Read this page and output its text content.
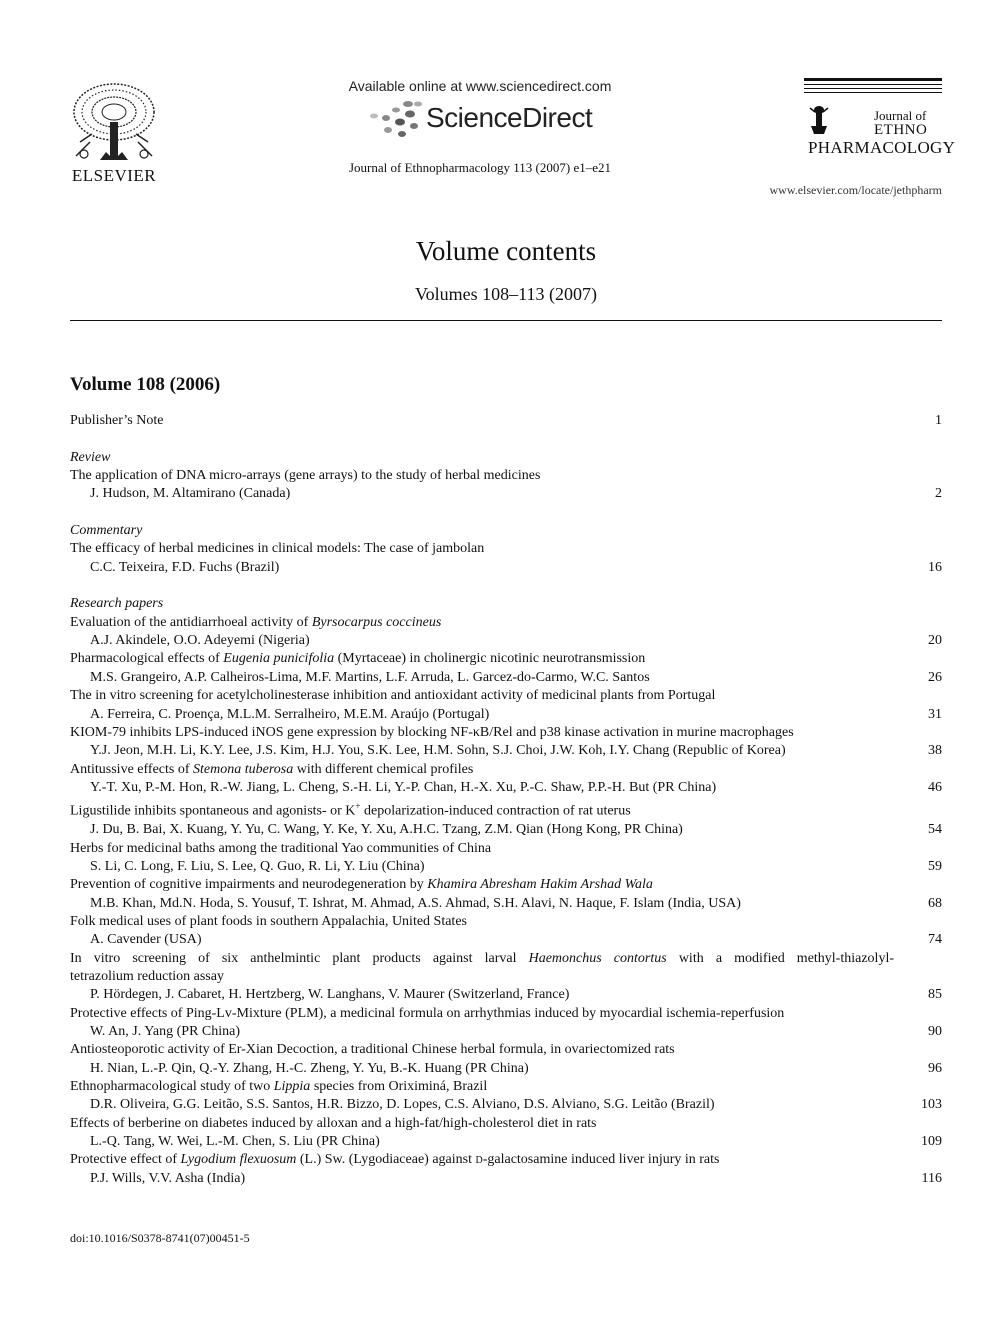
ELSEVIER
Available online at www.sciencedirect.com
ScienceDirect
Journal of Ethnopharmacology 113 (2007) e1–e21
Journal of
ETHNO
PHARMACOLOGY
www.elsevier.com/locate/jethpharm
Volume contents
Volumes 108–113 (2007)
Volume 108 (2006)
Publisher’s Note	1
Review
The application of DNA micro-arrays (gene arrays) to the study of herbal medicines
J. Hudson, M. Altamirano (Canada)	2
Commentary
The efficacy of herbal medicines in clinical models: The case of jambolan
C.C. Teixeira, F.D. Fuchs (Brazil)	16
Research papers
Evaluation of the antidiarrhoeal activity of Byrsocarpus coccineus
A.J. Akindele, O.O. Adeyemi (Nigeria)	20
Pharmacological effects of Eugenia punicifolia (Myrtaceae) in cholinergic nicotinic neurotransmission
M.S. Grangeiro, A.P. Calheiros-Lima, M.F. Martins, L.F. Arruda, L. Garcez-do-Carmo, W.C. Santos	26
The in vitro screening for acetylcholinesterase inhibition and antioxidant activity of medicinal plants from Portugal
A. Ferreira, C. Proença, M.L.M. Serralheiro, M.E.M. Araújo (Portugal)	31
KIOM-79 inhibits LPS-induced iNOS gene expression by blocking NF-κB/Rel and p38 kinase activation in murine macrophages
Y.J. Jeon, M.H. Li, K.Y. Lee, J.S. Kim, H.J. You, S.K. Lee, H.M. Sohn, S.J. Choi, J.W. Koh, I.Y. Chang (Republic of Korea)	38
Antitussive effects of Stemona tuberosa with different chemical profiles
Y.-T. Xu, P.-M. Hon, R.-W. Jiang, L. Cheng, S.-H. Li, Y.-P. Chan, H.-X. Xu, P.-C. Shaw, P.P.-H. But (PR China)	46
Ligustilide inhibits spontaneous and agonists- or K+ depolarization-induced contraction of rat uterus
J. Du, B. Bai, X. Kuang, Y. Yu, C. Wang, Y. Ke, Y. Xu, A.H.C. Tzang, Z.M. Qian (Hong Kong, PR China)	54
Herbs for medicinal baths among the traditional Yao communities of China
S. Li, C. Long, F. Liu, S. Lee, Q. Guo, R. Li, Y. Liu (China)	59
Prevention of cognitive impairments and neurodegeneration by Khamira Abresham Hakim Arshad Wala
M.B. Khan, Md.N. Hoda, S. Yousuf, T. Ishrat, M. Ahmad, A.S. Ahmad, S.H. Alavi, N. Haque, F. Islam (India, USA)	68
Folk medical uses of plant foods in southern Appalachia, United States
A. Cavender (USA)	74
In vitro screening of six anthelmintic plant products against larval Haemonchus contortus with a modified methyl-thiazolyl-
tetrazolium reduction assay
P. Hördegen, J. Cabaret, H. Hertzberg, W. Langhans, V. Maurer (Switzerland, France)	85
Protective effects of Ping-Lv-Mixture (PLM), a medicinal formula on arrhythmias induced by myocardial ischemia-reperfusion
W. An, J. Yang (PR China)	90
Antiosteoporotic activity of Er-Xian Decoction, a traditional Chinese herbal formula, in ovariectomized rats
H. Nian, L.-P. Qin, Q.-Y. Zhang, H.-C. Zheng, Y. Yu, B.-K. Huang (PR China)	96
Ethnopharmacological study of two Lippia species from Oriximiná, Brazil
D.R. Oliveira, G.G. Leitão, S.S. Santos, H.R. Bizzo, D. Lopes, C.S. Alviano, D.S. Alviano, S.G. Leitão (Brazil)	103
Effects of berberine on diabetes induced by alloxan and a high-fat/high-cholesterol diet in rats
L.-Q. Tang, W. Wei, L.-M. Chen, S. Liu (PR China)	109
Protective effect of Lygodium flexuosum (L.) Sw. (Lygodiaceae) against d-galactosamine induced liver injury in rats
P.J. Wills, V.V. Asha (India)	116
doi:10.1016/S0378-8741(07)00451-5
